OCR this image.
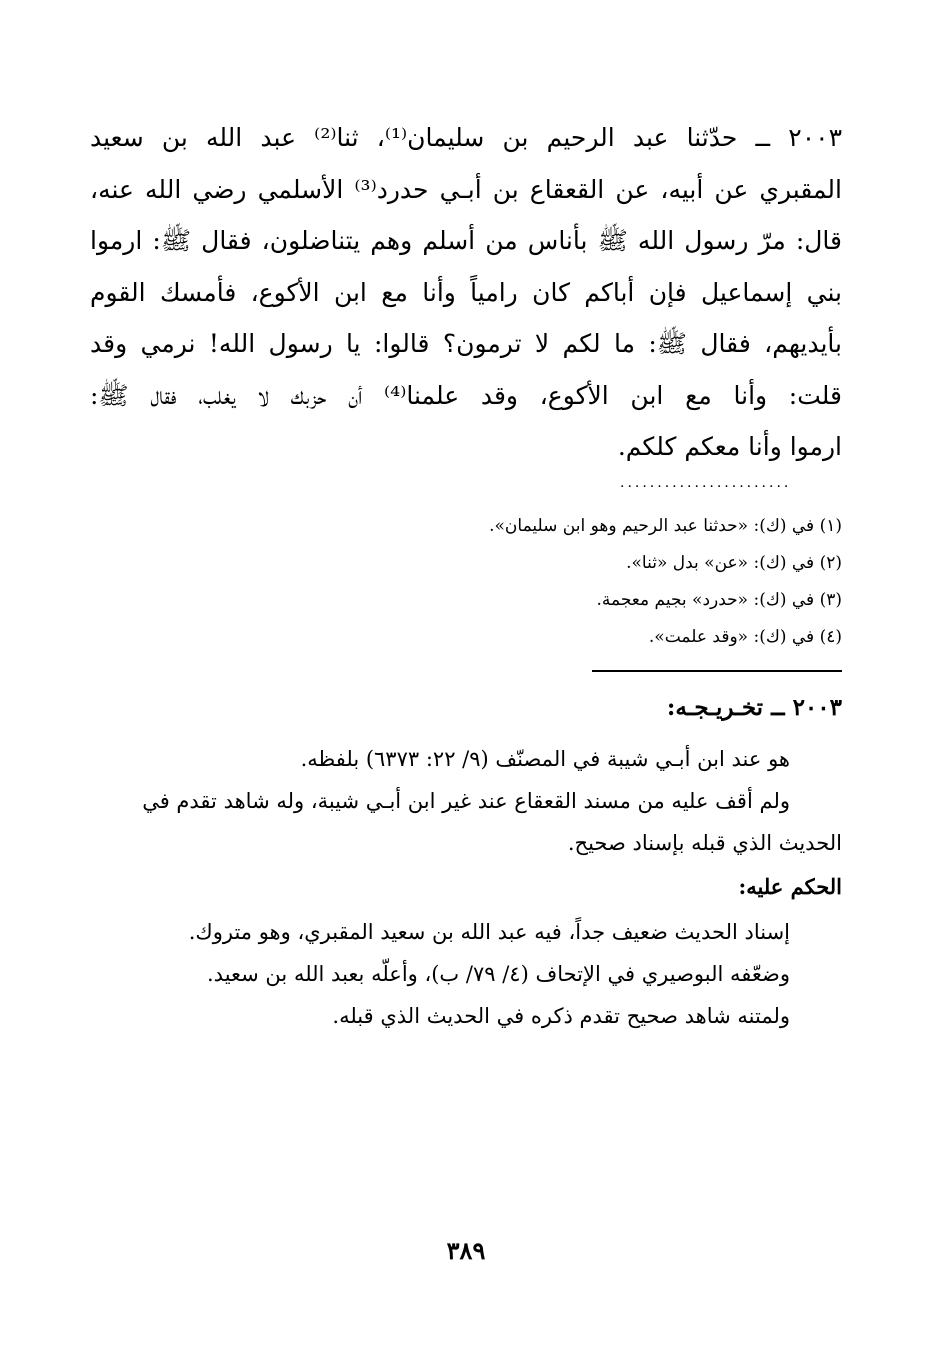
٢٠٠٣ ــ حدّثنا عبد الرحيم بن سليمان⁽¹⁾، ثنا⁽²⁾ عبد الله بن سعيد
المقبري عن أبيه، عن القعقاع بن أبـي حدرد⁽³⁾ الأسلمي رضي الله عنه،
قال: مرّ رسول الله ﷺ بأناس من أسلم وهم يتناضلون، فقال ﷺ: ارموا
بني إسماعيل فإن أباكم كان رامياً وأنا مع ابن الأكوع، فأمسك القوم
بأيديهم، فقال ﷺ: ما لكم لا ترمون؟ قالوا: يا رسول الله! نرمي وقد
قلت: وأنا مع ابن الأكوع، وقد علمنا⁽⁴⁾ أن حزبك لا يغلب، فقال ﷺ:
ارموا وأنا معكم كلكم.
.......................
(١) في (ك): «حدثنا عبد الرحيم وهو ابن سليمان».
(٢) في (ك): «عن» بدل «ثنا».
(٣) في (ك): «حدرد» بجيم معجمة.
(٤) في (ك): «وقد علمت».
٢٠٠٣ ــ تخـريـجـه:
هو عند ابن أبـي شيبة في المصنّف (٩/ ٢٢: ٦٣٧٣) بلفظه.
ولم أقف عليه من مسند القعقاع عند غير ابن أبـي شيبة، وله شاهد تقدم في
الحديث الذي قبله بإسناد صحيح.
الحكم عليه:
إسناد الحديث ضعيف جداً، فيه عبد الله بن سعيد المقبري، وهو متروك.
وضعّفه البوصيري في الإتحاف (٤/ ٧٩/ ب)، وأعلّه بعبد الله بن سعيد.
ولمتنه شاهد صحيح تقدم ذكره في الحديث الذي قبله.
٣٨٩
